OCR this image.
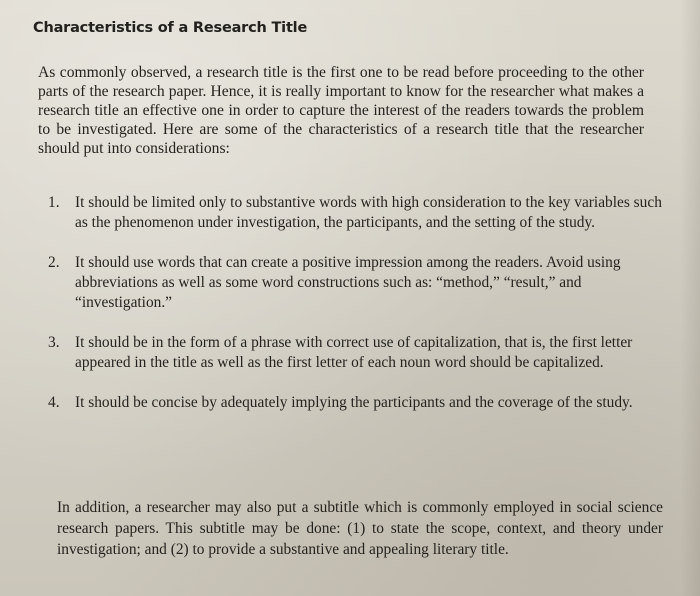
Characteristics of a Research Title

As commonly observed, a research title is the first one to be read before proceeding to the other parts of the research paper. Hence, it is really important to know for the researcher what makes a research title an effective one in order to capture the interest of the readers towards the problem to be investigated. Here are some of the characteristics of a research title that the researcher should put into considerations:

1. It should be limited only to substantive words with high consideration to the key variables such as the phenomenon under investigation, the participants, and the setting of the study.
2. It should use words that can create a positive impression among the readers. Avoid using abbreviations as well as some word constructions such as: “method,” “result,” and “investigation.”
3. It should be in the form of a phrase with correct use of capitalization, that is, the first letter appeared in the title as well as the first letter of each noun word should be capitalized.
4. It should be concise by adequately implying the participants and the coverage of the study.

In addition, a researcher may also put a subtitle which is commonly employed in social science research papers. This subtitle may be done: (1) to state the scope, context, and theory under investigation; and (2) to provide a substantive and appealing literary title.
